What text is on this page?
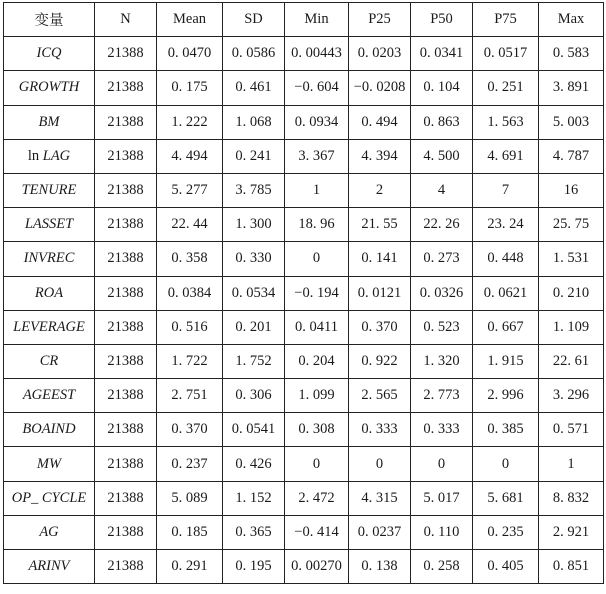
变量	N	Mean	SD	Min	P25	P50	P75	Max
ICQ	21388	0. 0470	0. 0586	0. 00443	0. 0203	0. 0341	0. 0517	0. 583
GROWTH	21388	0. 175	0. 461	−0. 604	−0. 0208	0. 104	0. 251	3. 891
BM	21388	1. 222	1. 068	0. 0934	0. 494	0. 863	1. 563	5. 003
ln LAG	21388	4. 494	0. 241	3. 367	4. 394	4. 500	4. 691	4. 787
TENURE	21388	5. 277	3. 785	1	2	4	7	16
LASSET	21388	22. 44	1. 300	18. 96	21. 55	22. 26	23. 24	25. 75
INVREC	21388	0. 358	0. 330	0	0. 141	0. 273	0. 448	1. 531
ROA	21388	0. 0384	0. 0534	−0. 194	0. 0121	0. 0326	0. 0621	0. 210
LEVERAGE	21388	0. 516	0. 201	0. 0411	0. 370	0. 523	0. 667	1. 109
CR	21388	1. 722	1. 752	0. 204	0. 922	1. 320	1. 915	22. 61
AGEEST	21388	2. 751	0. 306	1. 099	2. 565	2. 773	2. 996	3. 296
BOAIND	21388	0. 370	0. 0541	0. 308	0. 333	0. 333	0. 385	0. 571
MW	21388	0. 237	0. 426	0	0	0	0	1
OP_ CYCLE	21388	5. 089	1. 152	2. 472	4. 315	5. 017	5. 681	8. 832
AG	21388	0. 185	0. 365	−0. 414	0. 0237	0. 110	0. 235	2. 921
ARINV	21388	0. 291	0. 195	0. 00270	0. 138	0. 258	0. 405	0. 851
